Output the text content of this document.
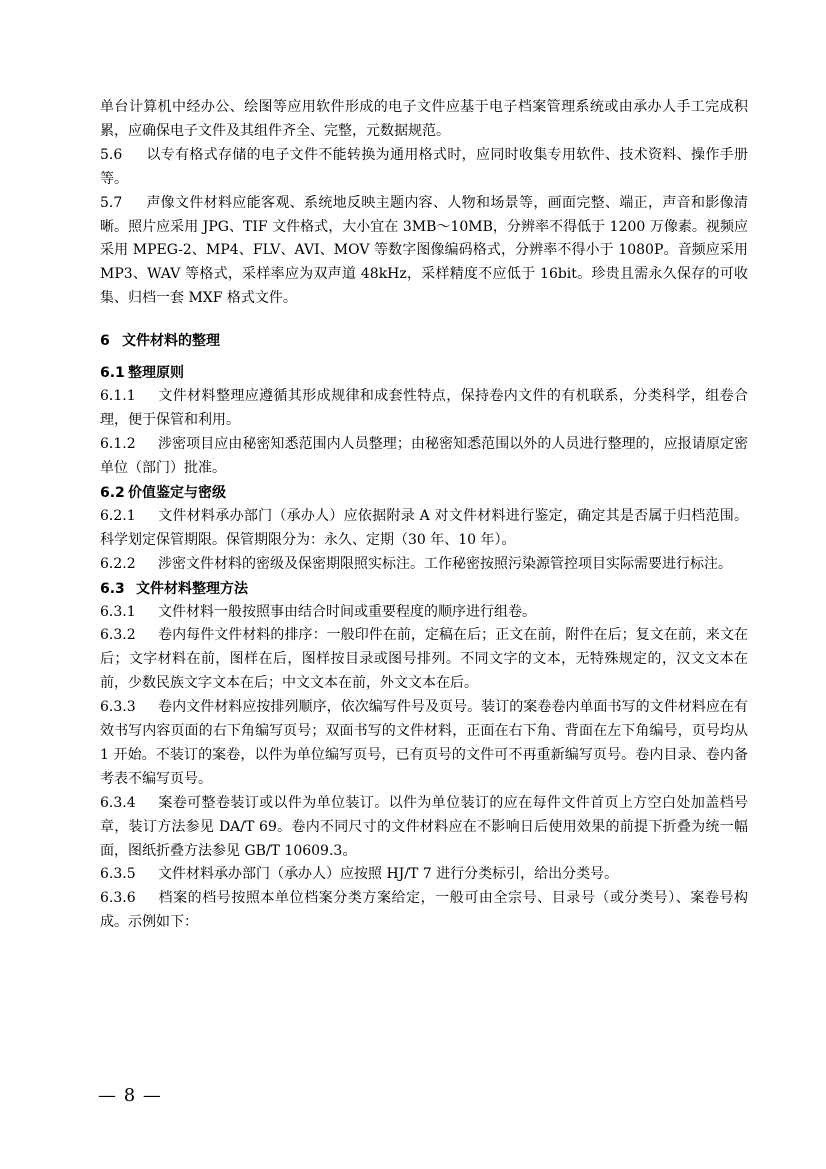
单台计算机中经办公、绘图等应用软件形成的电子文件应基于电子档案管理系统或由承办人手工完成积累，应确保电子文件及其组件齐全、完整，元数据规范。

5.6 以专有格式存储的电子文件不能转换为通用格式时，应同时收集专用软件、技术资料、操作手册等。

5.7 声像文件材料应能客观、系统地反映主题内容、人物和场景等，画面完整、端正，声音和影像清晰。照片应采用 JPG、TIF 文件格式，大小宜在 3MB～10MB，分辨率不得低于 1200 万像素。视频应采用 MPEG-2、MP4、FLV、AVI、MOV 等数字图像编码格式，分辨率不得小于 1080P。音频应采用 MP3、WAV 等格式，采样率应为双声道 48kHz，采样精度不应低于 16bit。珍贵且需永久保存的可收集、归档一套 MXF 格式文件。

6 文件材料的整理
6.1 整理原则

6.1.1 文件材料整理应遵循其形成规律和成套性特点，保持卷内文件的有机联系，分类科学，组卷合理，便于保管和利用。

6.1.2 涉密项目应由秘密知悉范围内人员整理；由秘密知悉范围以外的人员进行整理的，应报请原定密单位（部门）批准。

6.2 价值鉴定与密级

6.2.1 文件材料承办部门（承办人）应依据附录 A 对文件材料进行鉴定，确定其是否属于归档范围。科学划定保管期限。保管期限分为：永久、定期（30 年、10 年）。

6.2.2 涉密文件材料的密级及保密期限照实标注。工作秘密按照污染源管控项目实际需要进行标注。

6.3 文件材料整理方法

6.3.1 文件材料一般按照事由结合时间或重要程度的顺序进行组卷。

6.3.2 卷内每件文件材料的排序：一般印件在前，定稿在后；正文在前，附件在后；复文在前，来文在后；文字材料在前，图样在后，图样按目录或图号排列。不同文字的文本，无特殊规定的，汉文文本在前，少数民族文字文本在后；中文文本在前，外文文本在后。

6.3.3 卷内文件材料应按排列顺序，依次编写件号及页号。装订的案卷卷内单面书写的文件材料应在有效书写内容页面的右下角编写页号；双面书写的文件材料，正面在右下角、背面在左下角编号，页号均从 1 开始。不装订的案卷，以件为单位编写页号，已有页号的文件可不再重新编写页号。卷内目录、卷内备考表不编写页号。

6.3.4 案卷可整卷装订或以件为单位装订。以件为单位装订的应在每件文件首页上方空白处加盖档号章，装订方法参见 DA/T 69。卷内不同尺寸的文件材料应在不影响日后使用效果的前提下折叠为统一幅面，图纸折叠方法参见 GB/T 10609.3。

6.3.5 文件材料承办部门（承办人）应按照 HJ/T 7 进行分类标引，给出分类号。

6.3.6 档案的档号按照本单位档案分类方案给定，一般可由全宗号、目录号（或分类号）、案卷号构成。示例如下：

— 8 —
